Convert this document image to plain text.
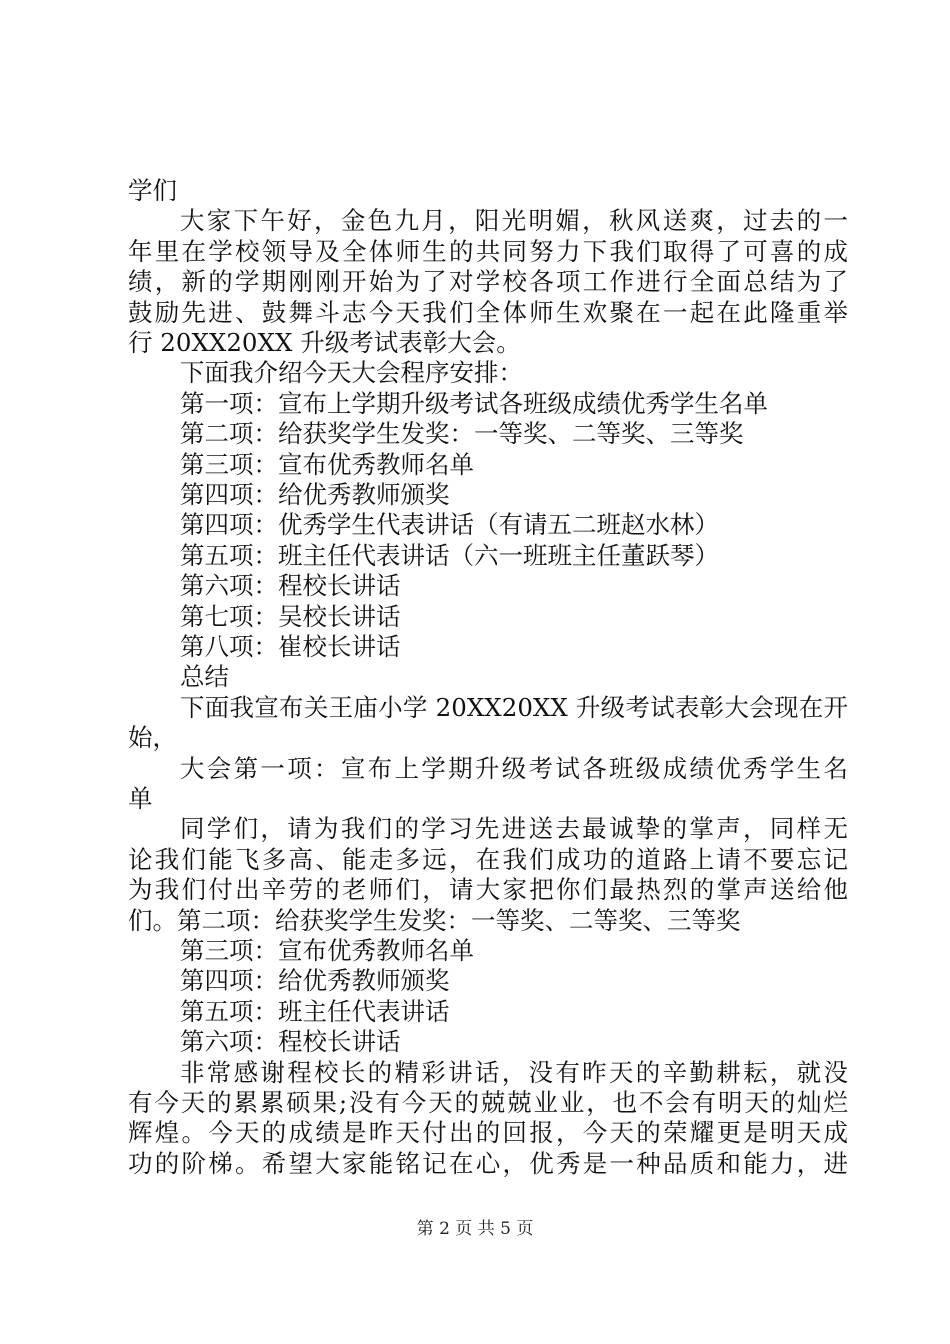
学们
大家下午好，金色九月，阳光明媚，秋风送爽，过去的一
年里在学校领导及全体师生的共同努力下我们取得了可喜的成
绩，新的学期刚刚开始为了对学校各项工作进行全面总结为了
鼓励先进、鼓舞斗志今天我们全体师生欢聚在一起在此隆重举
行 20XX20XX 升级考试表彰大会。
下面我介绍今天大会程序安排：
第一项：宣布上学期升级考试各班级成绩优秀学生名单
第二项：给获奖学生发奖：一等奖、二等奖、三等奖
第三项：宣布优秀教师名单
第四项：给优秀教师颁奖
第四项：优秀学生代表讲话（有请五二班赵水林）
第五项：班主任代表讲话（六一班班主任董跃琴）
第六项：程校长讲话
第七项：吴校长讲话
第八项：崔校长讲话
总结
下面我宣布关王庙小学 20XX20XX 升级考试表彰大会现在开
始，
大会第一项：宣布上学期升级考试各班级成绩优秀学生名
单
同学们，请为我们的学习先进送去最诚挚的掌声，同样无
论我们能飞多高、能走多远，在我们成功的道路上请不要忘记
为我们付出辛劳的老师们，请大家把你们最热烈的掌声送给他
们。第二项：给获奖学生发奖：一等奖、二等奖、三等奖
第三项：宣布优秀教师名单
第四项：给优秀教师颁奖
第五项：班主任代表讲话
第六项：程校长讲话
非常感谢程校长的精彩讲话，没有昨天的辛勤耕耘，就没
有今天的累累硕果;没有今天的兢兢业业，也不会有明天的灿烂
辉煌。今天的成绩是昨天付出的回报，今天的荣耀更是明天成
功的阶梯。希望大家能铭记在心，优秀是一种品质和能力，进
第 2 页 共 5 页
